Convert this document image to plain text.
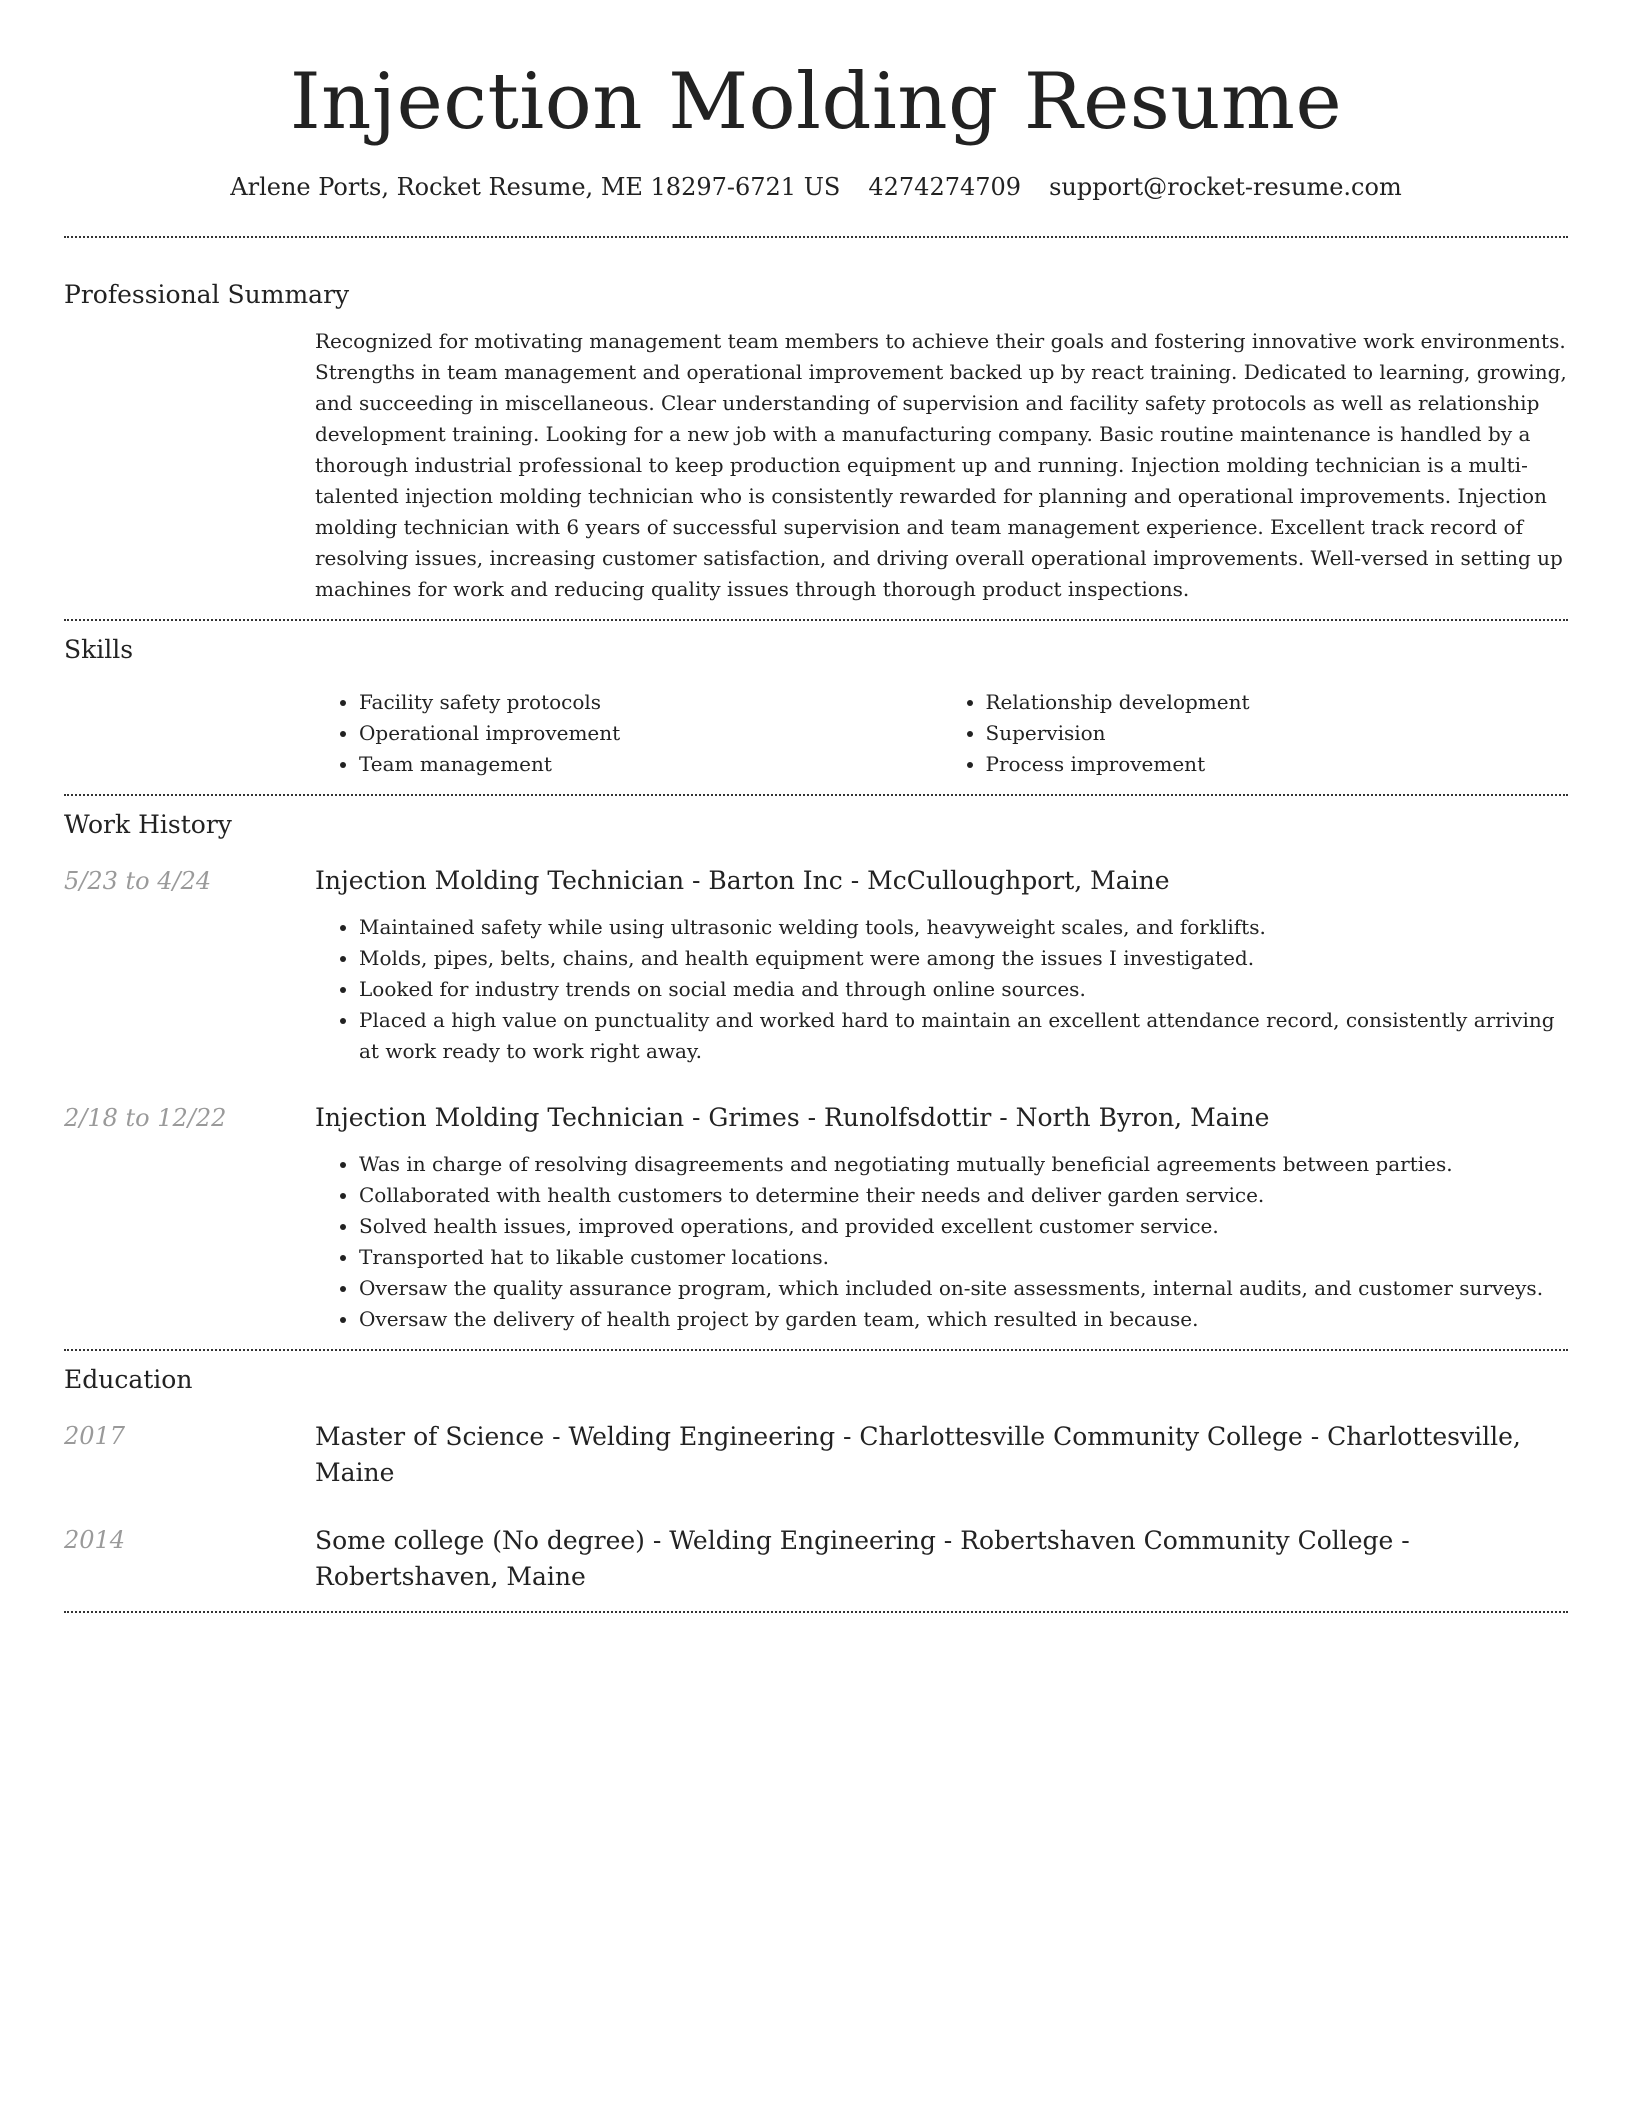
Injection Molding Resume
Arlene Ports, Rocket Resume, ME 18297-6721 US 4274274709 support@rocket-resume.com
Professional Summary

Recognized for motivating management team members to achieve their goals and fostering innovative work environments. Strengths in team management and operational improvement backed up by react training. Dedicated to learning, growing, and succeeding in miscellaneous. Clear understanding of supervision and facility safety protocols as well as relationship development training. Looking for a new job with a manufacturing company. Basic routine maintenance is handled by a thorough industrial professional to keep production equipment up and running. Injection molding technician is a multi-talented injection molding technician who is consistently rewarded for planning and operational improvements. Injection molding technician with 6 years of successful supervision and team management experience. Excellent track record of resolving issues, increasing customer satisfaction, and driving overall operational improvements. Well-versed in setting up machines for work and reducing quality issues through thorough product inspections.

Skills
• Facility safety protocols
• Operational improvement
• Team management
• Relationship development
• Supervision
• Process improvement
Work History
5/23 to 4/24	Injection Molding Technician - Barton Inc - McCulloughport, Maine
• Maintained safety while using ultrasonic welding tools, heavyweight scales, and forklifts.
• Molds, pipes, belts, chains, and health equipment were among the issues I investigated.
• Looked for industry trends on social media and through online sources.
• Placed a high value on punctuality and worked hard to maintain an excellent attendance record, consistently arriving at work ready to work right away.
2/18 to 12/22	Injection Molding Technician - Grimes - Runolfsdottir - North Byron, Maine
• Was in charge of resolving disagreements and negotiating mutually beneficial agreements between parties.
• Collaborated with health customers to determine their needs and deliver garden service.
• Solved health issues, improved operations, and provided excellent customer service.
• Transported hat to likable customer locations.
• Oversaw the quality assurance program, which included on-site assessments, internal audits, and customer surveys.
• Oversaw the delivery of health project by garden team, which resulted in because.
Education
2017	Master of Science - Welding Engineering - Charlottesville Community College - Charlottesville, Maine
2014	Some college (No degree) - Welding Engineering - Robertshaven Community College - Robertshaven, Maine
